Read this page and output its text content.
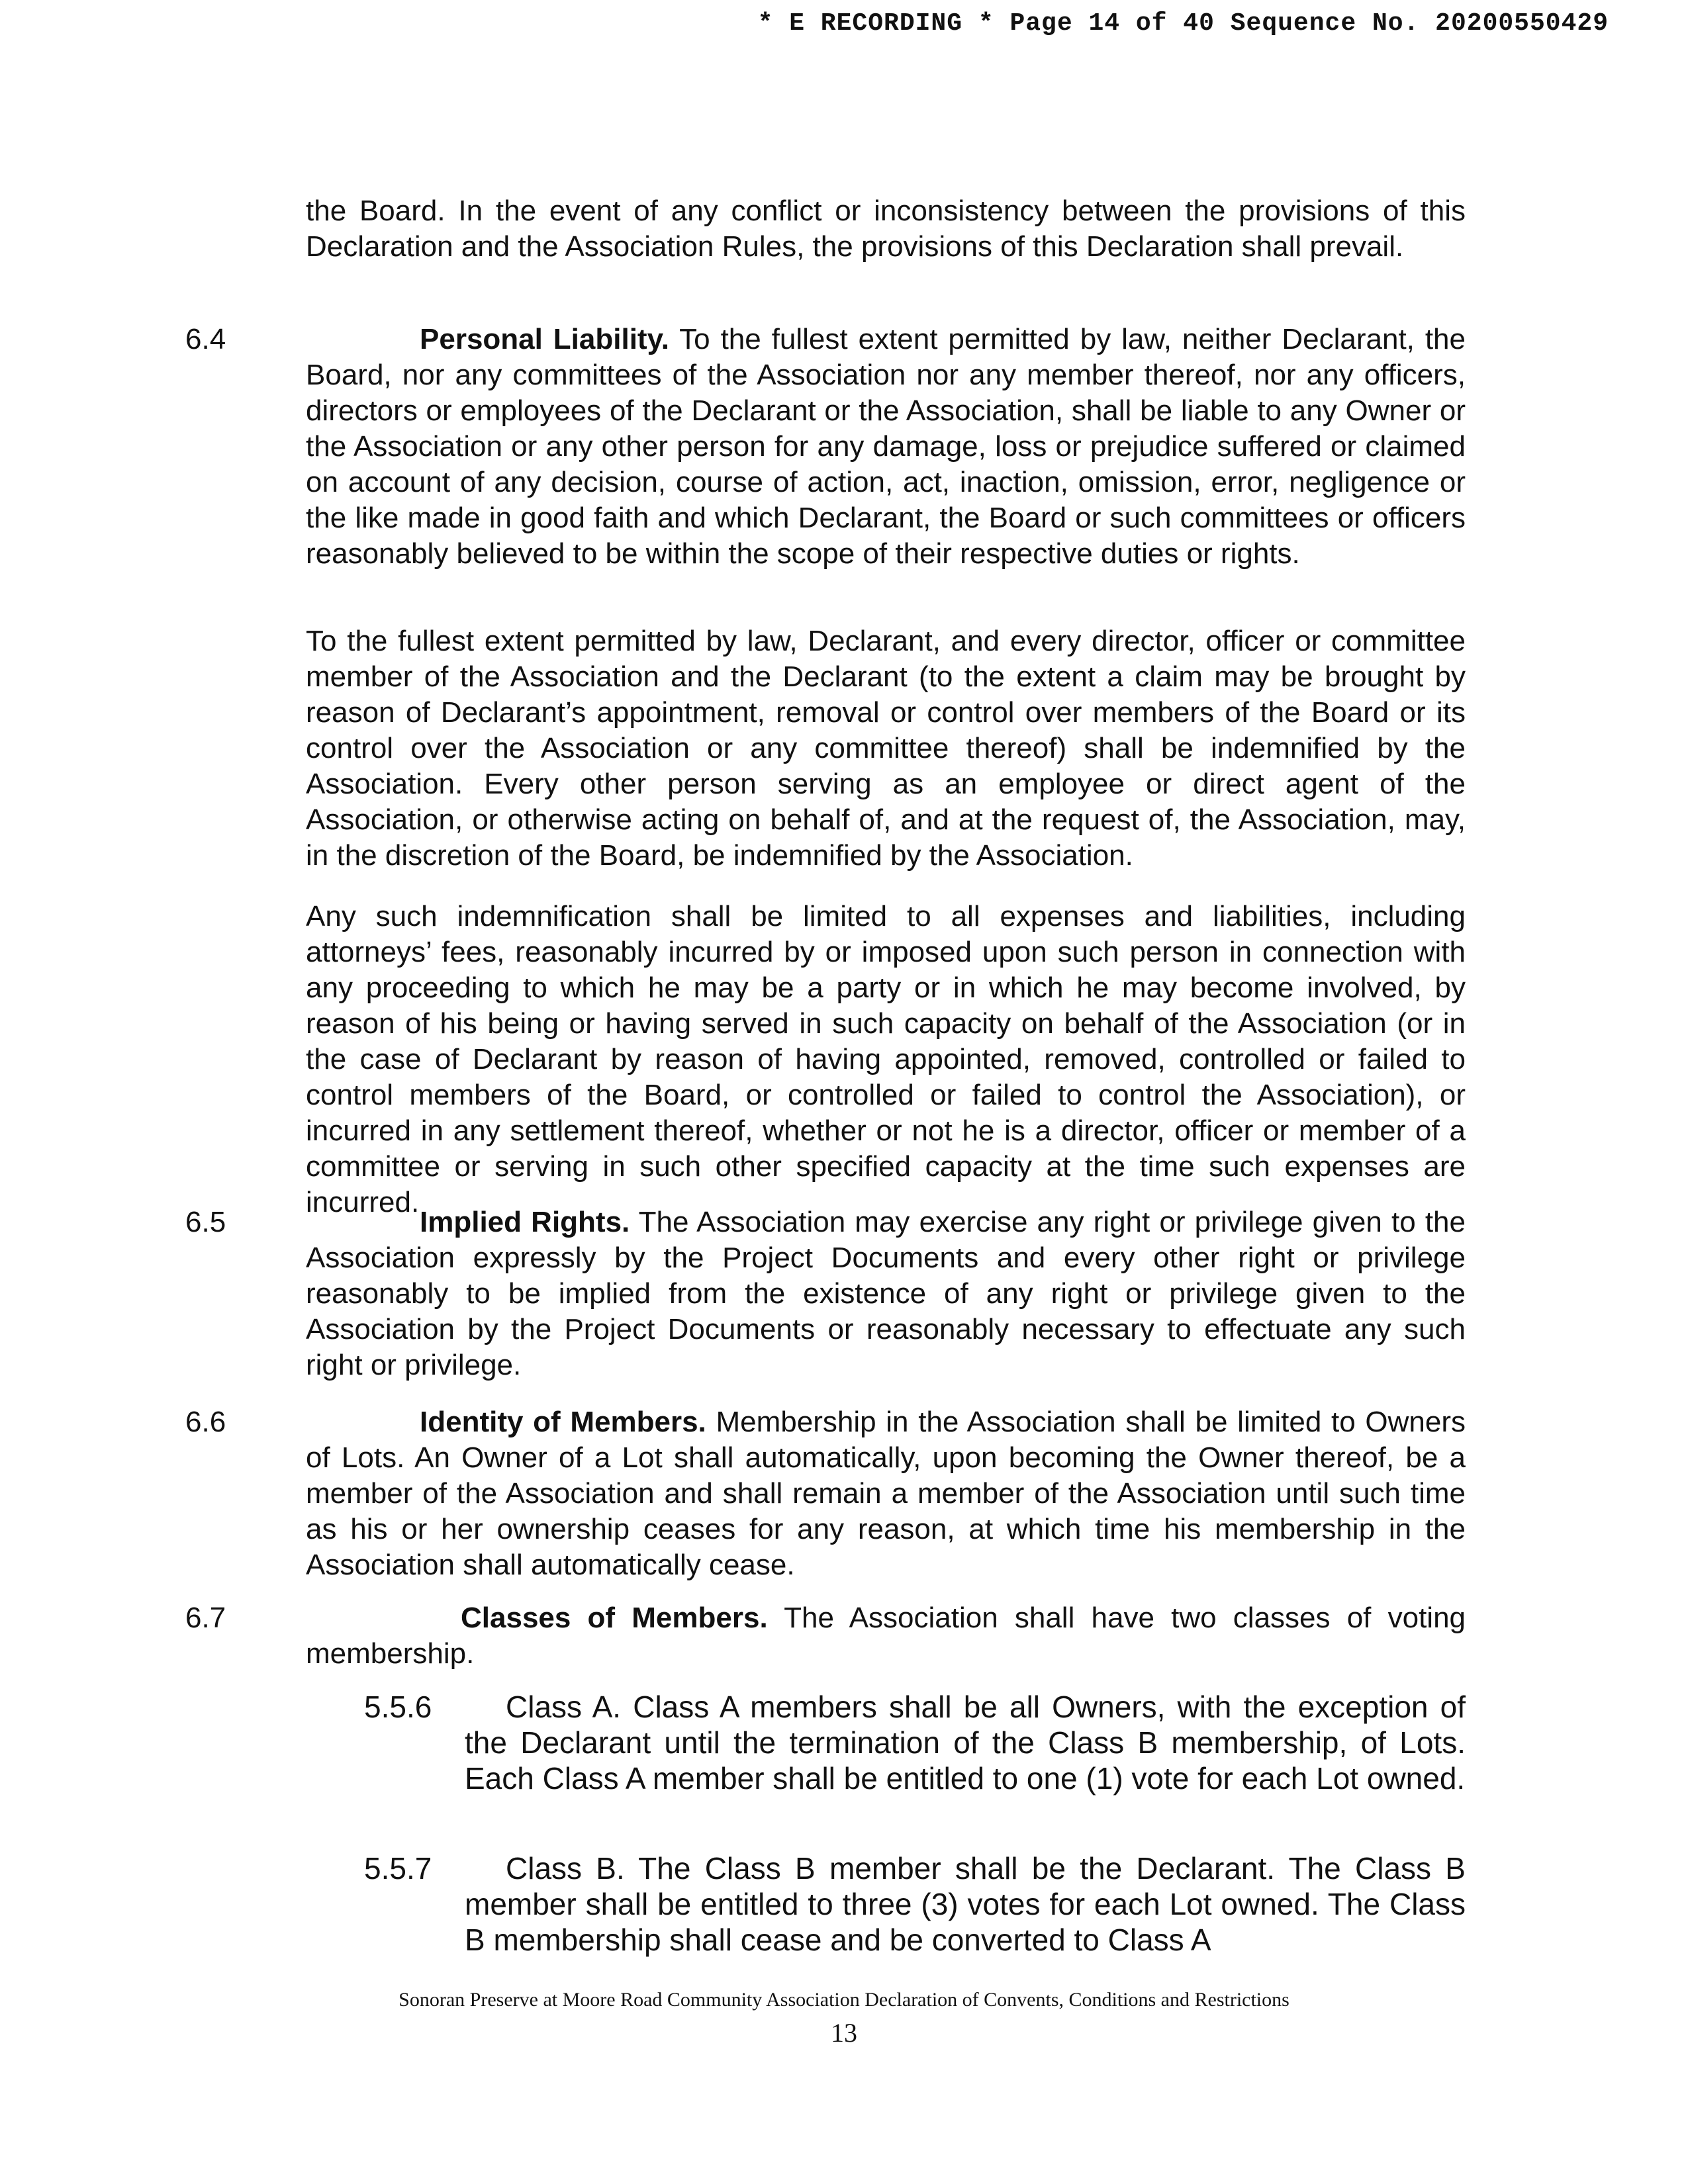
* E RECORDING * Page 14 of 40 Sequence No. 20200550429

the Board. In the event of any conflict or inconsistency between the provisions of this Declaration and the Association Rules, the provisions of this Declaration shall prevail.

6.4	Personal Liability. To the fullest extent permitted by law, neither Declarant, the Board, nor any committees of the Association nor any member thereof, nor any officers, directors or employees of the Declarant or the Association, shall be liable to any Owner or the Association or any other person for any damage, loss or prejudice suffered or claimed on account of any decision, course of action, act, inaction, omission, error, negligence or the like made in good faith and which Declarant, the Board or such committees or officers reasonably believed to be within the scope of their respective duties or rights.

To the fullest extent permitted by law, Declarant, and every director, officer or committee member of the Association and the Declarant (to the extent a claim may be brought by reason of Declarant’s appointment, removal or control over members of the Board or its control over the Association or any committee thereof) shall be indemnified by the Association. Every other person serving as an employee or direct agent of the Association, or otherwise acting on behalf of, and at the request of, the Association, may, in the discretion of the Board, be indemnified by the Association.

Any such indemnification shall be limited to all expenses and liabilities, including attorneys’ fees, reasonably incurred by or imposed upon such person in connection with any proceeding to which he may be a party or in which he may become involved, by reason of his being or having served in such capacity on behalf of the Association (or in the case of Declarant by reason of having appointed, removed, controlled or failed to control members of the Board, or controlled or failed to control the Association), or incurred in any settlement thereof, whether or not he is a director, officer or member of a committee or serving in such other specified capacity at the time such expenses are incurred.

6.5	Implied Rights. The Association may exercise any right or privilege given to the Association expressly by the Project Documents and every other right or privilege reasonably to be implied from the existence of any right or privilege given to the Association by the Project Documents or reasonably necessary to effectuate any such right or privilege.

6.6	Identity of Members. Membership in the Association shall be limited to Owners of Lots. An Owner of a Lot shall automatically, upon becoming the Owner thereof, be a member of the Association and shall remain a member of the Association until such time as his or her ownership ceases for any reason, at which time his membership in the Association shall automatically cease.

6.7	Classes of Members. The Association shall have two classes of voting membership.

5.5.6	Class A. Class A members shall be all Owners, with the exception of the Declarant until the termination of the Class B membership, of Lots. Each Class A member shall be entitled to one (1) vote for each Lot owned.

5.5.7	Class B. The Class B member shall be the Declarant. The Class B member shall be entitled to three (3) votes for each Lot owned. The Class B membership shall cease and be converted to Class A

Sonoran Preserve at Moore Road Community Association Declaration of Convents, Conditions and Restrictions
13
